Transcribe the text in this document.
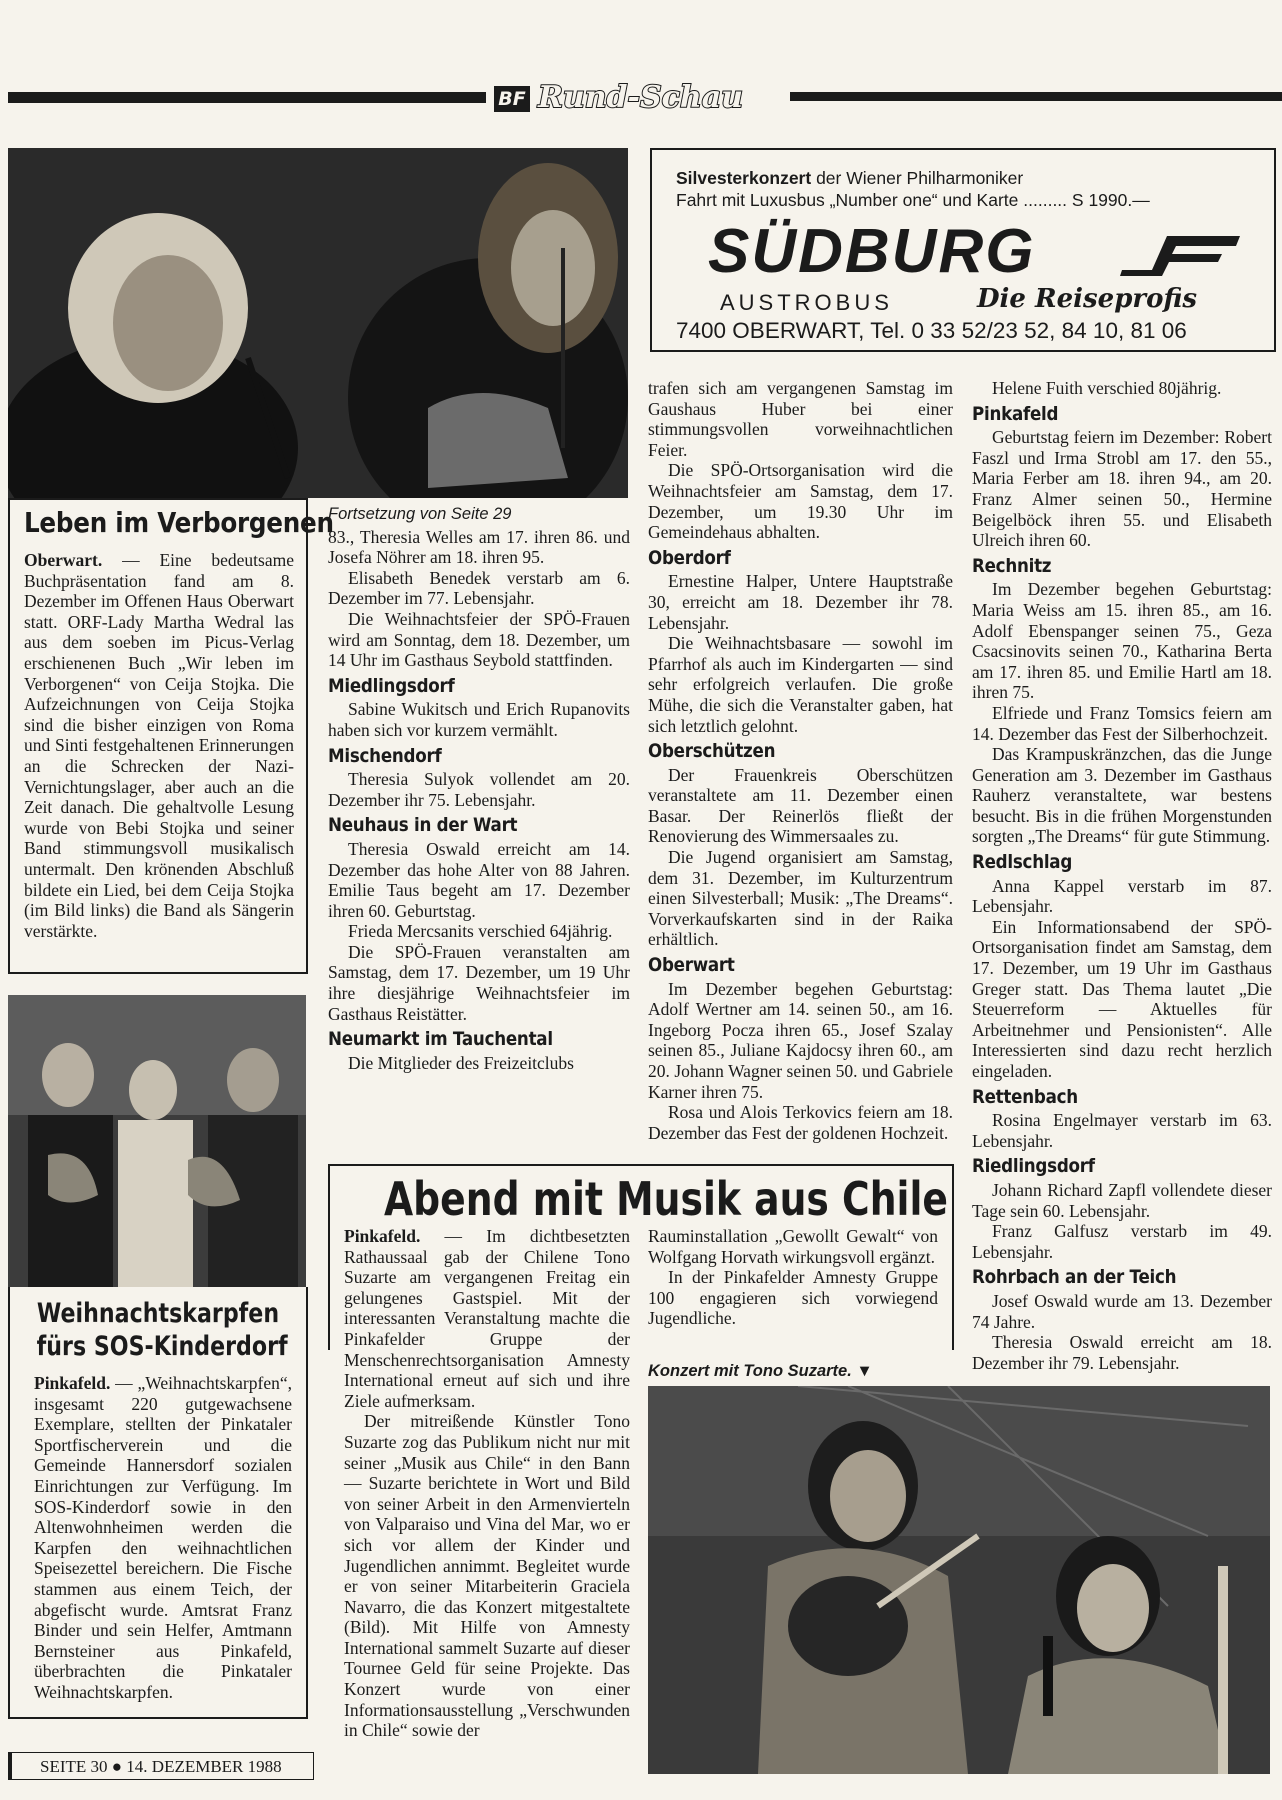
BF Rund-Schau
Silvesterkonzert der Wiener Philharmoniker
Fahrt mit Luxusbus „Number one“ und Karte ......... S 1990.—
SÜDBURG
AUSTROBUS	Die Reiseprofis
7400 OBERWART, Tel. 0 33 52/23 52, 84 10, 81 06
Leben im Verborgenen

Oberwart. — Eine bedeutsame Buchpräsentation fand am 8. Dezember im Offenen Haus Oberwart statt. ORF-Lady Martha Wedral las aus dem soeben im Picus-Verlag erschienenen Buch „Wir leben im Verborgenen“ von Ceija Stojka. Die Aufzeichnungen von Ceija Stojka sind die bisher einzigen von Roma und Sinti festgehaltenen Erinnerungen an die Schrecken der Nazi-Vernichtungslager, aber auch an die Zeit danach. Die gehaltvolle Lesung wurde von Bebi Stojka und seiner Band stimmungsvoll musikalisch untermalt. Den krönenden Abschluß bildete ein Lied, bei dem Ceija Stojka (im Bild links) die Band als Sängerin verstärkte.

Weihnachtskarpfen
fürs SOS-Kinderdorf

Pinkafeld. — „Weihnachtskarpfen“, insgesamt 220 gutgewachsene Exemplare, stellten der Pinkataler Sportfischerverein und die Gemeinde Hannersdorf sozialen Einrichtungen zur Verfügung. Im SOS-Kinderdorf sowie in den Altenwohnheimen werden die Karpfen den weihnachtlichen Speisezettel bereichern. Die Fische stammen aus einem Teich, der abgefischt wurde. Amtsrat Franz Binder und sein Helfer, Amtmann Bernsteiner aus Pinkafeld, überbrachten die Pinkataler Weihnachtskarpfen.

SEITE 30 ● 14. DEZEMBER 1988
Fortsetzung von Seite 29

83., Theresia Welles am 17. ihren 86. und Josefa Nöhrer am 18. ihren 95.

Elisabeth Benedek verstarb am 6. Dezember im 77. Lebensjahr.

Die Weihnachtsfeier der SPÖ-Frauen wird am Sonntag, dem 18. Dezember, um 14 Uhr im Gasthaus Seybold stattfinden.

Miedlingsdorf

Sabine Wukitsch und Erich Rupanovits haben sich vor kurzem vermählt.

Mischendorf

Theresia Sulyok vollendet am 20. Dezember ihr 75. Lebensjahr.

Neuhaus in der Wart

Theresia Oswald erreicht am 14. Dezember das hohe Alter von 88 Jahren. Emilie Taus begeht am 17. Dezember ihren 60. Geburtstag.

Frieda Mercsanits verschied 64jährig.

Die SPÖ-Frauen veranstalten am Samstag, dem 17. Dezember, um 19 Uhr ihre diesjährige Weihnachtsfeier im Gasthaus Reistätter.

Neumarkt im Tauchental

Die Mitglieder des Freizeitclubs

trafen sich am vergangenen Samstag im Gaushaus Huber bei einer stimmungsvollen vorweihnachtlichen Feier.

Die SPÖ-Ortsorganisation wird die Weihnachtsfeier am Samstag, dem 17. Dezember, um 19.30 Uhr im Gemeindehaus abhalten.

Oberdorf

Ernestine Halper, Untere Hauptstraße 30, erreicht am 18. Dezember ihr 78. Lebensjahr.

Die Weihnachtsbasare — sowohl im Pfarrhof als auch im Kindergarten — sind sehr erfolgreich verlaufen. Die große Mühe, die sich die Veranstalter gaben, hat sich letztlich gelohnt.

Oberschützen

Der Frauenkreis Oberschützen veranstaltete am 11. Dezember einen Basar. Der Reinerlös fließt der Renovierung des Wimmersaales zu.

Die Jugend organisiert am Samstag, dem 31. Dezember, im Kulturzentrum einen Silvesterball; Musik: „The Dreams“. Vorverkaufskarten sind in der Raika erhältlich.

Oberwart

Im Dezember begehen Geburtstag: Adolf Wertner am 14. seinen 50., am 16. Ingeborg Pocza ihren 65., Josef Szalay seinen 85., Juliane Kajdocsy ihren 60., am 20. Johann Wagner seinen 50. und Gabriele Karner ihren 75.

Rosa und Alois Terkovics feiern am 18. Dezember das Fest der goldenen Hochzeit.

Helene Fuith verschied 80jährig.

Pinkafeld

Geburtstag feiern im Dezember: Robert Faszl und Irma Strobl am 17. den 55., Maria Ferber am 18. ihren 94., am 20. Franz Almer seinen 50., Hermine Beigelböck ihren 55. und Elisabeth Ulreich ihren 60.

Rechnitz

Im Dezember begehen Geburtstag: Maria Weiss am 15. ihren 85., am 16. Adolf Ebenspanger seinen 75., Geza Csacsinovits seinen 70., Katharina Berta am 17. ihren 85. und Emilie Hartl am 18. ihren 75.

Elfriede und Franz Tomsics feiern am 14. Dezember das Fest der Silberhochzeit.

Das Krampuskränzchen, das die Junge Generation am 3. Dezember im Gasthaus Rauherz veranstaltete, war bestens besucht. Bis in die frühen Morgenstunden sorgten „The Dreams“ für gute Stimmung.

Redlschlag

Anna Kappel verstarb im 87. Lebensjahr.

Ein Informationsabend der SPÖ-Ortsorganisation findet am Samstag, dem 17. Dezember, um 19 Uhr im Gasthaus Greger statt. Das Thema lautet „Die Steuerreform — Aktuelles für Arbeitnehmer und Pensionisten“. Alle Interessierten sind dazu recht herzlich eingeladen.

Rettenbach

Rosina Engelmayer verstarb im 63. Lebensjahr.

Riedlingsdorf

Johann Richard Zapfl vollendete dieser Tage sein 60. Lebensjahr.

Franz Galfusz verstarb im 49. Lebensjahr.

Rohrbach an der Teich

Josef Oswald wurde am 13. Dezember 74 Jahre.

Theresia Oswald erreicht am 18. Dezember ihr 79. Lebensjahr.

Abend mit Musik aus Chile

Pinkafeld. — Im dichtbesetzten Rathaussaal gab der Chilene Tono Suzarte am vergangenen Freitag ein gelungenes Gastspiel. Mit der interessanten Veranstaltung machte die Pinkafelder Gruppe der Menschenrechtsorganisation Amnesty International erneut auf sich und ihre Ziele aufmerksam.

Der mitreißende Künstler Tono Suzarte zog das Publikum nicht nur mit seiner „Musik aus Chile“ in den Bann — Suzarte berichtete in Wort und Bild von seiner Arbeit in den Armenvierteln von Valparaiso und Vina del Mar, wo er sich vor allem der Kinder und Jugendlichen annimmt. Begleitet wurde er von seiner Mitarbeiterin Graciela Navarro, die das Konzert mitgestaltete (Bild). Mit Hilfe von Amnesty International sammelt Suzarte auf dieser Tournee Geld für seine Projekte. Das Konzert wurde von einer Informationsausstellung „Verschwunden in Chile“ sowie der

Rauminstallation „Gewollt Gewalt“ von Wolfgang Horvath wirkungsvoll ergänzt.

In der Pinkafelder Amnesty Gruppe 100 engagieren sich vorwiegend Jugendliche.

Konzert mit Tono Suzarte. ▼
